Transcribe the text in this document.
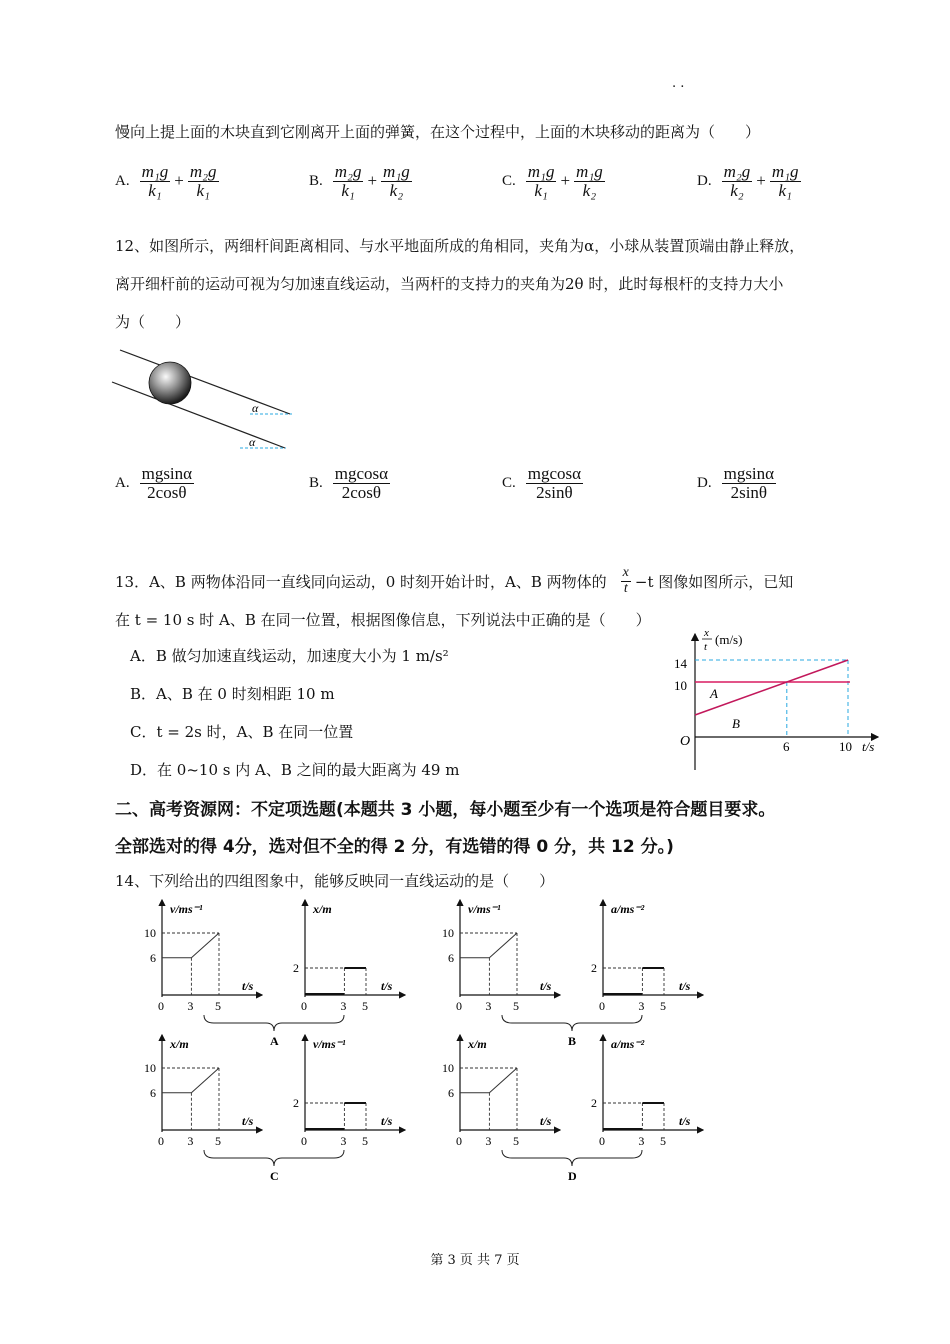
. .
慢向上提上面的木块直到它刚离开上面的弹簧，在这个过程中，上面的木块移动的距离为（　　）
A. $\frac{\text{m₁g}}{\text{k₁}} + \frac{\text{m₂g}}{\text{k₁}}$	B. $\frac{\text{m₂g}}{\text{k₁}} + \frac{\text{m₁g}}{\text{k₂}}$	C. $\frac{\text{m₁g}}{\text{k₁}} + \frac{\text{m₁g}}{\text{k₂}}$	D. $\frac{\text{m₂g}}{\text{k₂}} + \frac{\text{m₁g}}{\text{k₁}}$
12、如图所示，两细杆间距离相同、与水平地面所成的角相同，夹角为α，小球从装置顶端由静止释放，
离开细杆前的运动可视为匀加速直线运动，当两杆的支持力的夹角为2θ 时，此时每根杆的支持力大小
为（　　）
α
α
A. $\frac{mgsin\alpha}{2\cos\theta}$	B. $\frac{mgcos\alpha}{2\cos\theta}$	C. $\frac{mgcos\alpha}{2\sin\theta}$	D. $\frac{mgsin\alpha}{2\sin\theta}$
13．A、B 两物体沿同一直线同向运动，0 时刻开始计时，A、B 两物体的 $\frac{x}{t} -t$ 图像如图所示，已知
在 t = 10 s 时 A、B 在同一位置，根据图像信息，下列说法中正确的是（　　）
A．B 做匀加速直线运动，加速度大小为 1 m/s²
B．A、B 在 0 时刻相距 10 m
C．t = 2s 时，A、B 在同一位置
D．在 0~10 s 内 A、B 之间的最大距离为 49 m
x
t (m/s)
14
10
O	6	10 t/s
A
B
二、高考资源网：不定项选题(本题共 3 小题，每小题至少有一个选项是符合题目要求。
全部选对的得 4分，选对但不全的得 2 分，有选错的得 0 分，共 12 分。)
14、下列给出的四组图象中，能够反映同一直线运动的是（　　）
v/ms⁻¹
10
6
0 3 5
t/s
x/m
2
0	3 5
t/s
A
v/ms⁻¹
10
6
0 3 5
t/s
a/ms⁻²
2
0	3 5
t/s
B
x/m
10
6
0 3 5
t/s
v/ms⁻¹
2
0	3 5
t/s
C
x/m
10
6
0 3 5
t/s
a/ms⁻²
2
0	3 5
t/s
D
第 3 页 共 7 页
